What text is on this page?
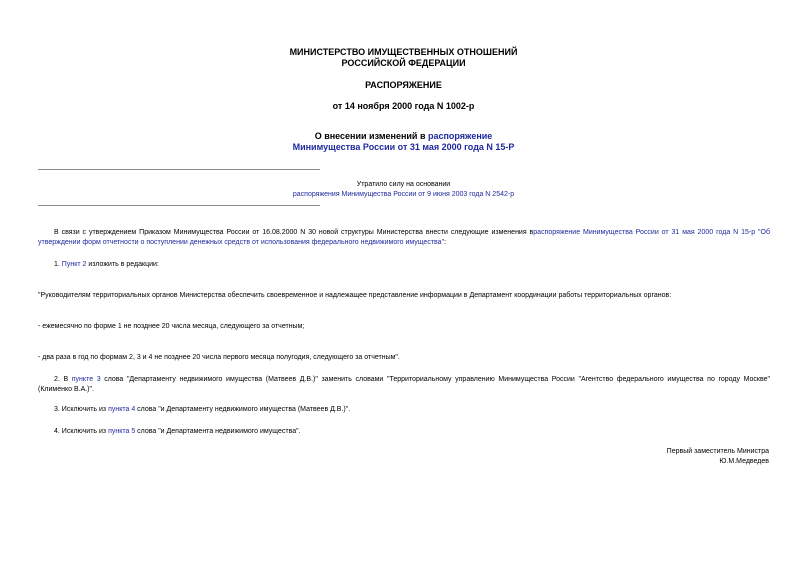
МИНИСТЕРСТВО ИМУЩЕСТВЕННЫХ ОТНОШЕНИЙ
РОССИЙСКОЙ ФЕДЕРАЦИИ
РАСПОРЯЖЕНИЕ
от 14 ноября 2000 года N 1002-р
О внесении изменений в распоряжение
Минимущества России от 31 мая 2000 года N 15-Р
Утратило силу на основании
распоряжения Минимущества России от 9 июня 2003 года N 2542-р
В связи с утверждением Приказом Минимущества России от 16.08.2000 N 30 новой структуры Министерства внести следующие изменения враспоряжение Минимущества России от 31 мая 2000 года N 15-р "Об утверждении форм отчетности о поступлении денежных средств от использования федерального недвижимого имущества":
1. Пункт 2 изложить в редакции:
"Руководителям территориальных органов Министерства обеспечить своевременное и надлежащее представление информации в Департамент координации работы территориальных органов:
- ежемесячно по форме 1 не позднее 20 числа месяца, следующего за отчетным;
- два раза в год по формам 2, 3 и 4 не позднее 20 числа первого месяца полугодия, следующего за отчетным".
2. В пункте 3 слова "Департаменту недвижимого имущества (Матвеев Д.В.)" заменить словами "Территориальному управлению Минимущества России "Агентство федерального имущества по городу Москве" (Клименко В.А.)".
3. Исключить из пункта 4 слова "и Департаменту недвижимого имущества (Матвеев Д.В.)".
4. Исключить из пункта 5 слова "и Департамента недвижимого имущества".
Первый заместитель Министра
Ю.М.Медведев
